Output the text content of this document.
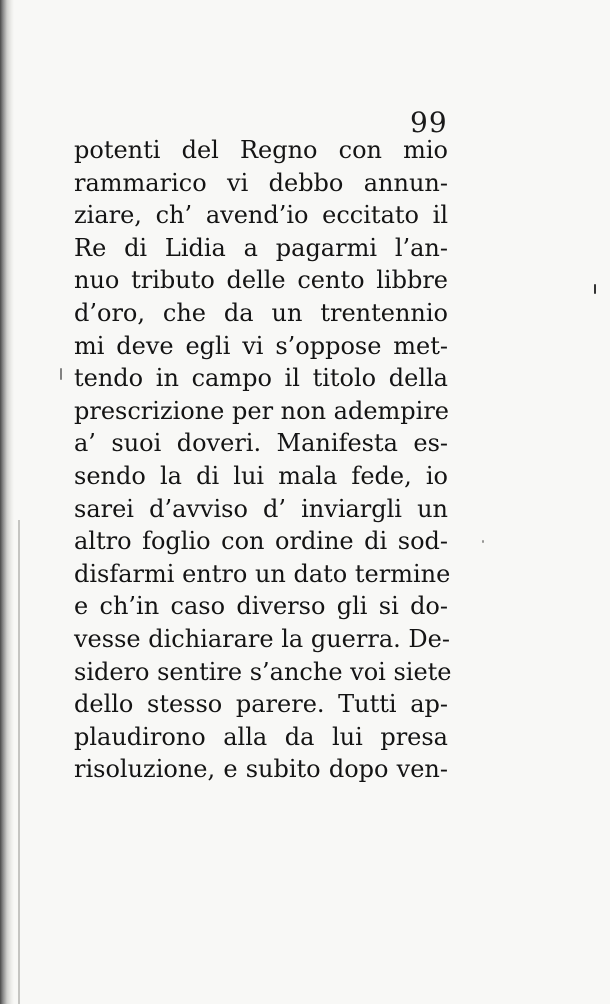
99
potenti del Regno con mio
rammarico vi debbo annun-
ziare, ch’ avend’io eccitato il
Re di Lidia a pagarmi l’an-
nuo tributo delle cento libbre
d’oro, che da un trentennio
mi deve egli vi s’oppose met-
tendo in campo il titolo della
prescrizione per non adempire
a’ suoi doveri. Manifesta es-
sendo la di lui mala fede, io
sarei d’avviso d’ inviargli un
altro foglio con ordine di sod-
disfarmi entro un dato termine
e ch’in caso diverso gli si do-
vesse dichiarare la guerra. De-
sidero sentire s’anche voi siete
dello stesso parere. Tutti ap-
plaudirono alla da lui presa
risoluzione, e subito dopo ven-
